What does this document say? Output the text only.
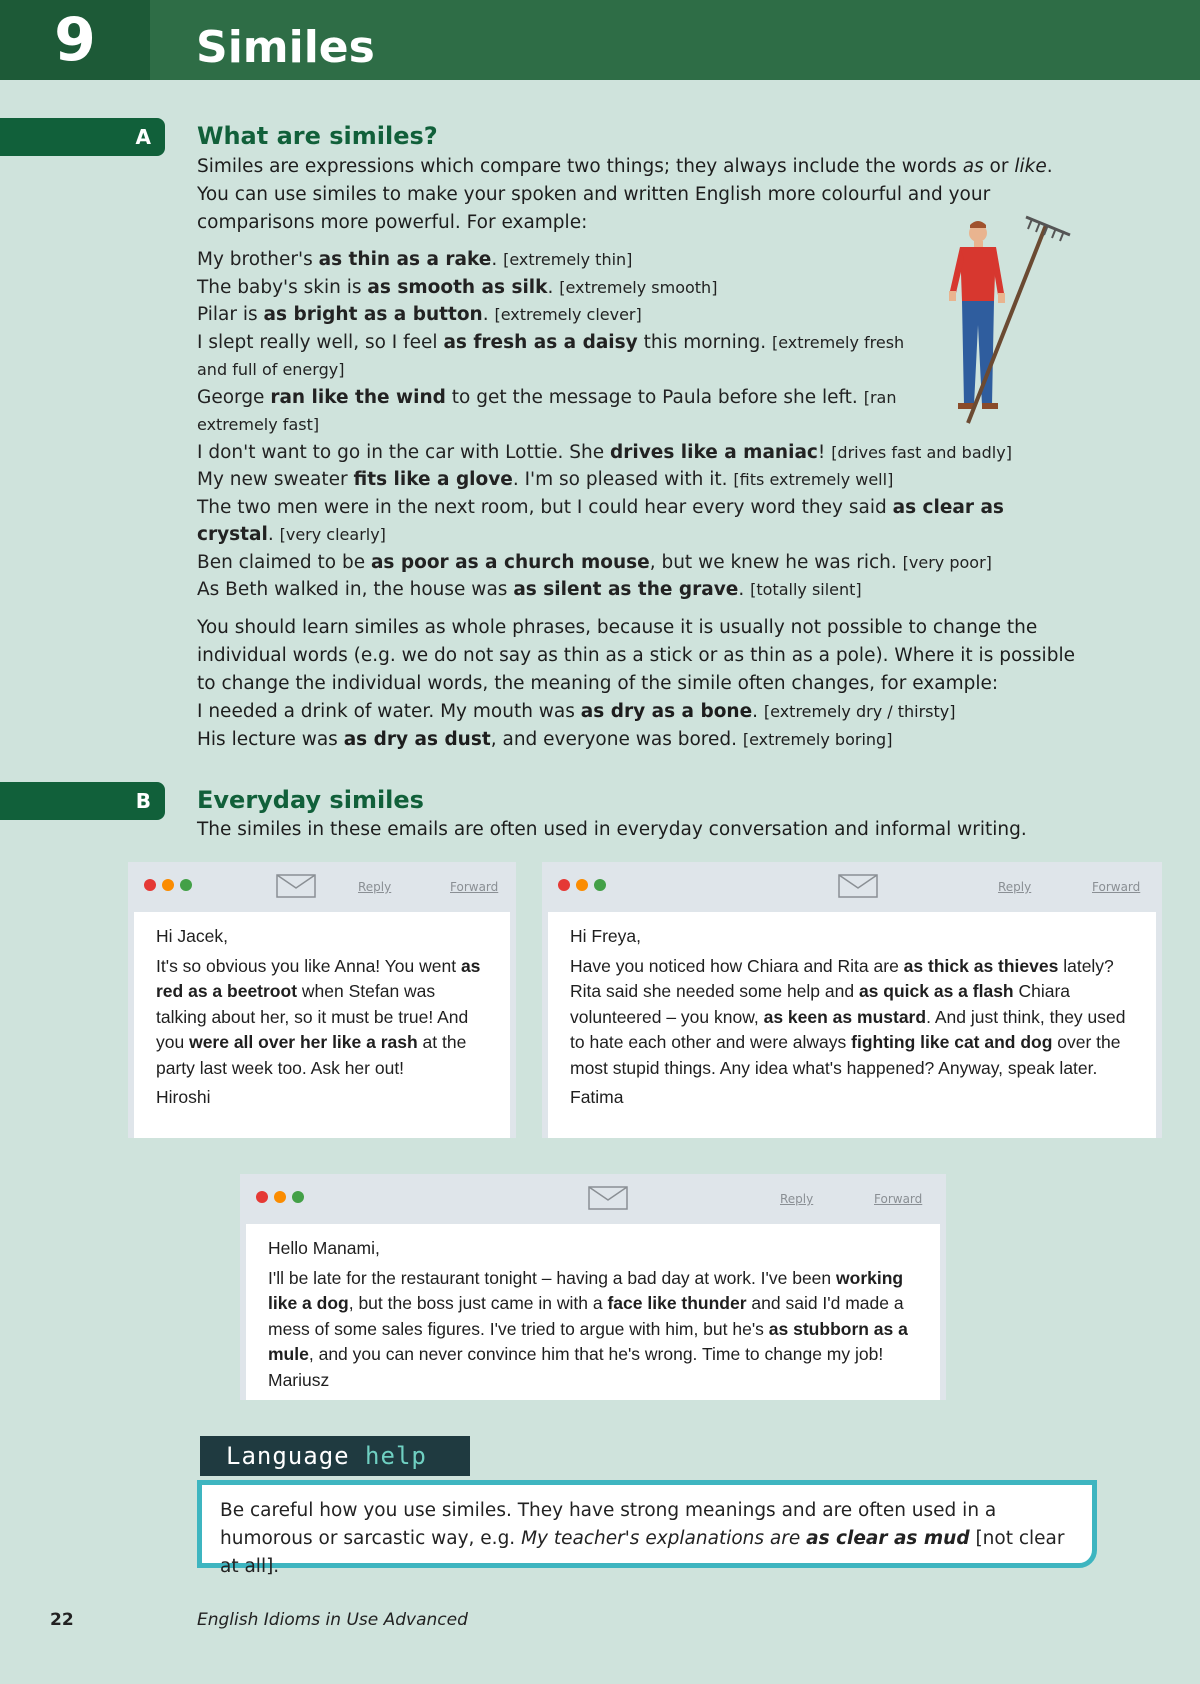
9	Similes
A What are similes?
Similes are expressions which compare two things; they always include the words as or like. You can use similes to make your spoken and written English more colourful and your comparisons more powerful. For example:
My brother's as thin as a rake. [extremely thin]
The baby's skin is as smooth as silk. [extremely smooth]
Pilar is as bright as a button. [extremely clever]
I slept really well, so I feel as fresh as a daisy this morning. [extremely fresh and full of energy]
George ran like the wind to get the message to Paula before she left. [ran extremely fast]
I don't want to go in the car with Lottie. She drives like a maniac! [drives fast and badly]
My new sweater fits like a glove. I'm so pleased with it. [fits extremely well]
The two men were in the next room, but I could hear every word they said as clear as crystal. [very clearly]
Ben claimed to be as poor as a church mouse, but we knew he was rich. [very poor]
As Beth walked in, the house was as silent as the grave. [totally silent]
You should learn similes as whole phrases, because it is usually not possible to change the individual words (e.g. we do not say as thin as a stick or as thin as a pole). Where it is possible to change the individual words, the meaning of the simile often changes, for example:
I needed a drink of water. My mouth was as dry as a bone. [extremely dry / thirsty]
His lecture was as dry as dust, and everyone was bored. [extremely boring]
B Everyday similes
The similes in these emails are often used in everyday conversation and informal writing.
Reply	Forward

Hi Jacek,

It's so obvious you like Anna! You went as red as a beetroot when Stefan was talking about her, so it must be true! And you were all over her like a rash at the party last week too. Ask her out!

Hiroshi

Reply	Forward

Hi Freya,

Have you noticed how Chiara and Rita are as thick as thieves lately? Rita said she needed some help and as quick as a flash Chiara volunteered – you know, as keen as mustard. And just think, they used to hate each other and were always fighting like cat and dog over the most stupid things. Any idea what's happened? Anyway, speak later.

Fatima

Reply	Forward

Hello Manami,

I'll be late for the restaurant tonight – having a bad day at work. I've been working like a dog, but the boss just came in with a face like thunder and said I'd made a mess of some sales figures. I've tried to argue with him, but he's as stubborn as a mule, and you can never convince him that he's wrong. Time to change my job! Mariusz

Language help
Be careful how you use similes. They have strong meanings and are often used in a humorous or sarcastic way, e.g. My teacher's explanations are as clear as mud [not clear at all].
22	English Idioms in Use Advanced
